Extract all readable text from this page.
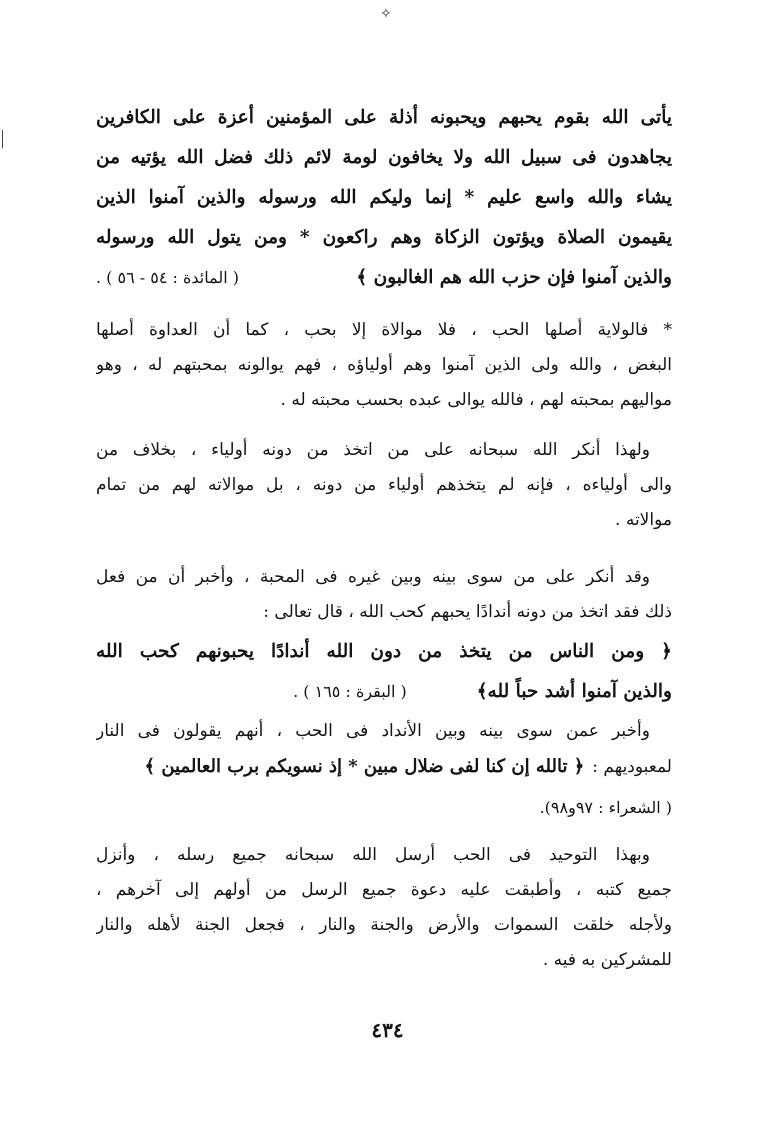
✧
يأتى الله بقوم يحبهم ويحبونه أذلة على المؤمنين أعزة على الكافرين
يجاهدون فى سبيل الله ولا يخافون لومة لائم ذلك فضل الله يؤتيه من
يشاء والله واسع عليم * إنما وليكم الله ورسوله والذين آمنوا الذين
يقيمون الصلاة ويؤتون الزكاة وهم راكعون * ومن يتول الله ورسوله
والذين آمنوا فإن حزب الله هم الغالبون ﴾
( المائدة : ٥٤ - ٥٦ ) .
* فالولاية أصلها الحب ، فلا موالاة إلا بحب ، كما أن العداوة أصلها
البغض ، والله ولى الذين آمنوا وهم أولياؤه ، فهم يوالونه بمحبتهم له ، وهو
مواليهم بمحبته لهم ، فالله يوالى عبده بحسب محبته له .
ولهذا أنكر الله سبحانه على من اتخذ من دونه أولياء ، بخلاف من
والى أولياءه ، فإنه لم يتخذهم أولياء من دونه ، بل موالاته لهم من تمام
موالاته .
وقد أنكر على من سوى بينه وبين غيره فى المحبة ، وأخبر أن من فعل
ذلك فقد اتخذ من دونه أندادًا يحبهم كحب الله ، قال تعالى :
﴿ ومن الناس من يتخذ من دون الله أندادًا يحبونهم كحب الله
والذين آمنوا أشد حباً لله﴾
( البقرة : ١٦٥ ) .
وأخبر عمن سوى بينه وبين الأنداد فى الحب ، أنهم يقولون فى النار
لمعبوديهم :
﴿ تالله إن كنا لفى ضلال مبين * إذ نسويكم برب العالمين ﴾
( الشعراء : ٩٧و٩٨).
وبهذا التوحيد فى الحب أرسل الله سبحانه جميع رسله ، وأنزل
جميع كتبه ، وأطبقت عليه دعوة جميع الرسل من أولهم إلى آخرهم ،
ولأجله خلقت السموات والأرض والجنة والنار ، فجعل الجنة لأهله والنار
للمشركين به فيه .
٤٣٤
